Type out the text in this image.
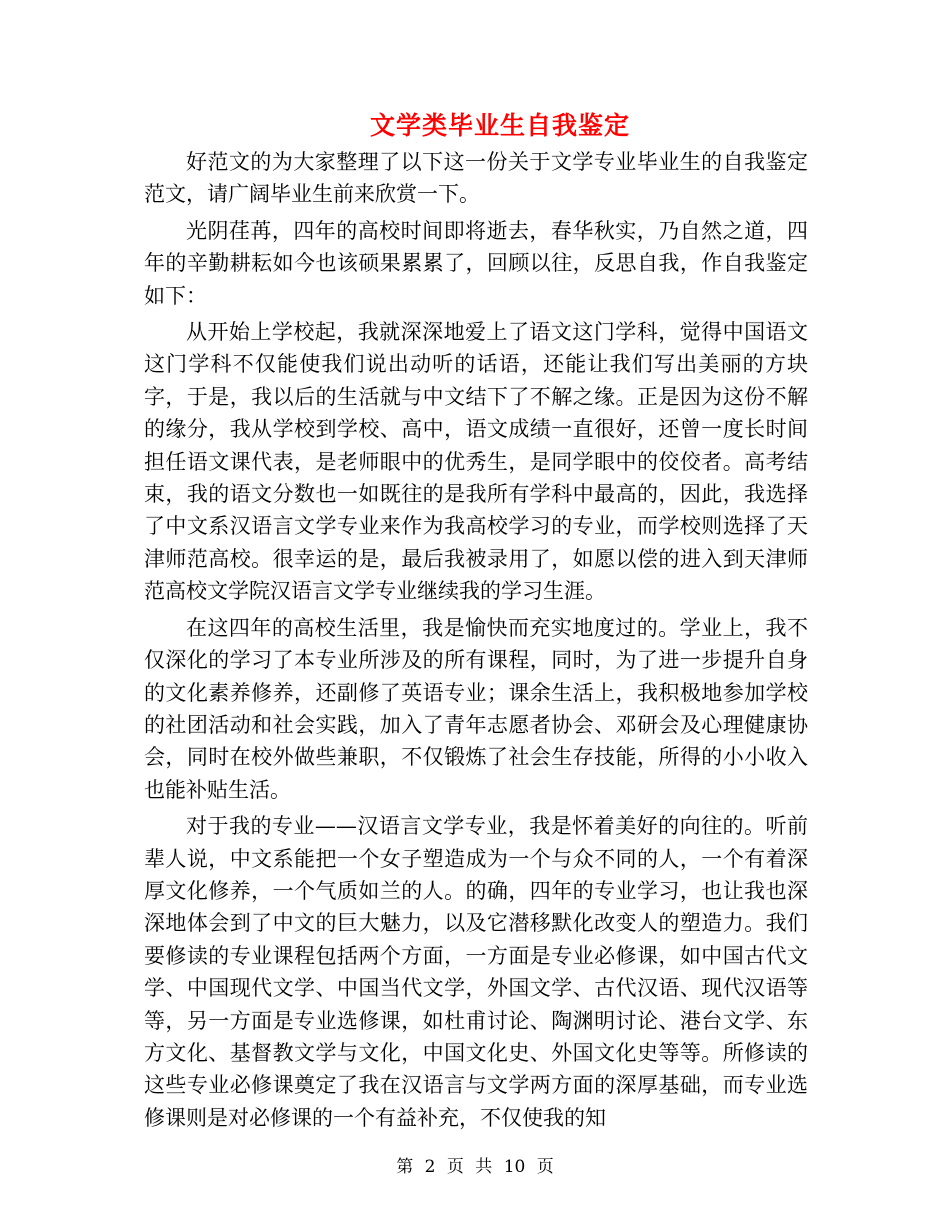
文学类毕业生自我鉴定

好范文的为大家整理了以下这一份关于文学专业毕业生的自我鉴定范文，请广阔毕业生前来欣赏一下。

光阴荏苒，四年的高校时间即将逝去，春华秋实，乃自然之道，四年的辛勤耕耘如今也该硕果累累了，回顾以往，反思自我，作自我鉴定如下：

从开始上学校起，我就深深地爱上了语文这门学科，觉得中国语文这门学科不仅能使我们说出动听的话语，还能让我们写出美丽的方块字，于是，我以后的生活就与中文结下了不解之缘。正是因为这份不解的缘分，我从学校到学校、高中，语文成绩一直很好，还曾一度长时间担任语文课代表，是老师眼中的优秀生，是同学眼中的佼佼者。高考结束，我的语文分数也一如既往的是我所有学科中最高的，因此，我选择了中文系汉语言文学专业来作为我高校学习的专业，而学校则选择了天津师范高校。很幸运的是，最后我被录用了，如愿以偿的进入到天津师范高校文学院汉语言文学专业继续我的学习生涯。

在这四年的高校生活里，我是愉快而充实地度过的。学业上，我不仅深化的学习了本专业所涉及的所有课程，同时，为了进一步提升自身的文化素养修养，还副修了英语专业；课余生活上，我积极地参加学校的社团活动和社会实践，加入了青年志愿者协会、邓研会及心理健康协会，同时在校外做些兼职，不仅锻炼了社会生存技能，所得的小小收入也能补贴生活。

对于我的专业——汉语言文学专业，我是怀着美好的向往的。听前辈人说，中文系能把一个女子塑造成为一个与众不同的人，一个有着深厚文化修养，一个气质如兰的人。的确，四年的专业学习，也让我也深深地体会到了中文的巨大魅力，以及它潜移默化改变人的塑造力。我们要修读的专业课程包括两个方面，一方面是专业必修课，如中国古代文学、中国现代文学、中国当代文学，外国文学、古代汉语、现代汉语等等，另一方面是专业选修课，如杜甫讨论、陶渊明讨论、港台文学、东方文化、基督教文学与文化，中国文化史、外国文化史等等。所修读的这些专业必修课奠定了我在汉语言与文学两方面的深厚基础，而专业选修课则是对必修课的一个有益补充，不仅使我的知

第 2 页 共 10 页
